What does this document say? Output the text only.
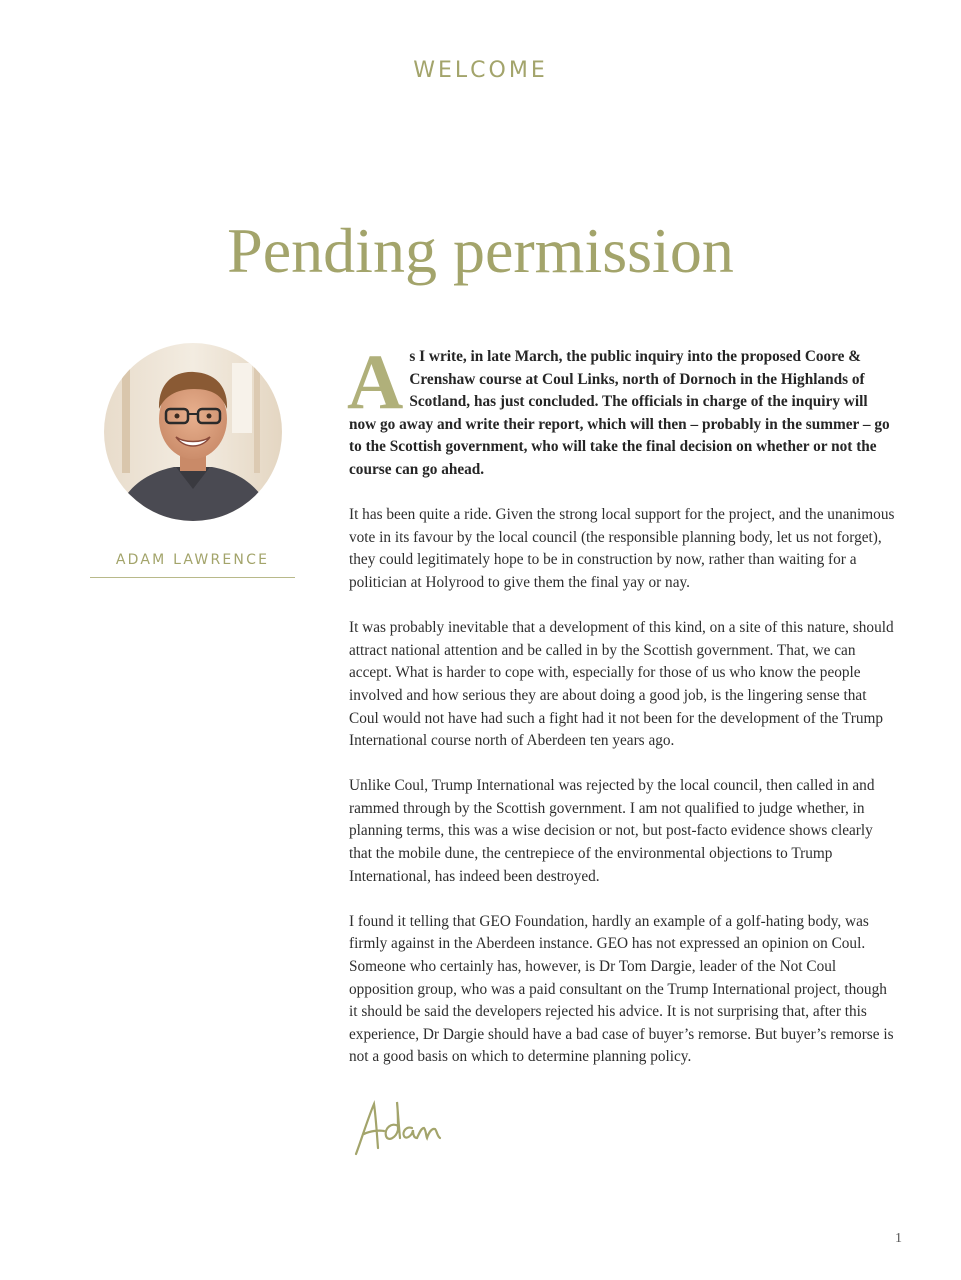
WELCOME
Pending permission
ADAM LAWRENCE

As I write, in late March, the public inquiry into the proposed Coore & Crenshaw course at Coul Links, north of Dornoch in the Highlands of Scotland, has just concluded. The officials in charge of the inquiry will now go away and write their report, which will then – probably in the summer – go to the Scottish government, who will take the final decision on whether or not the course can go ahead.

It has been quite a ride. Given the strong local support for the project, and the unanimous vote in its favour by the local council (the responsible planning body, let us not forget), they could legitimately hope to be in construction by now, rather than waiting for a politician at Holyrood to give them the final yay or nay.

It was probably inevitable that a development of this kind, on a site of this nature, should attract national attention and be called in by the Scottish government. That, we can accept. What is harder to cope with, especially for those of us who know the people involved and how serious they are about doing a good job, is the lingering sense that Coul would not have had such a fight had it not been for the development of the Trump International course north of Aberdeen ten years ago.

Unlike Coul, Trump International was rejected by the local council, then called in and rammed through by the Scottish government. I am not qualified to judge whether, in planning terms, this was a wise decision or not, but post-facto evidence shows clearly that the mobile dune, the centrepiece of the environmental objections to Trump International, has indeed been destroyed.

I found it telling that GEO Foundation, hardly an example of a golf-hating body, was firmly against in the Aberdeen instance. GEO has not expressed an opinion on Coul. Someone who certainly has, however, is Dr Tom Dargie, leader of the Not Coul opposition group, who was a paid consultant on the Trump International project, though it should be said the developers rejected his advice. It is not surprising that, after this experience, Dr Dargie should have a bad case of buyer’s remorse. But buyer’s remorse is not a good basis on which to determine planning policy.

1
